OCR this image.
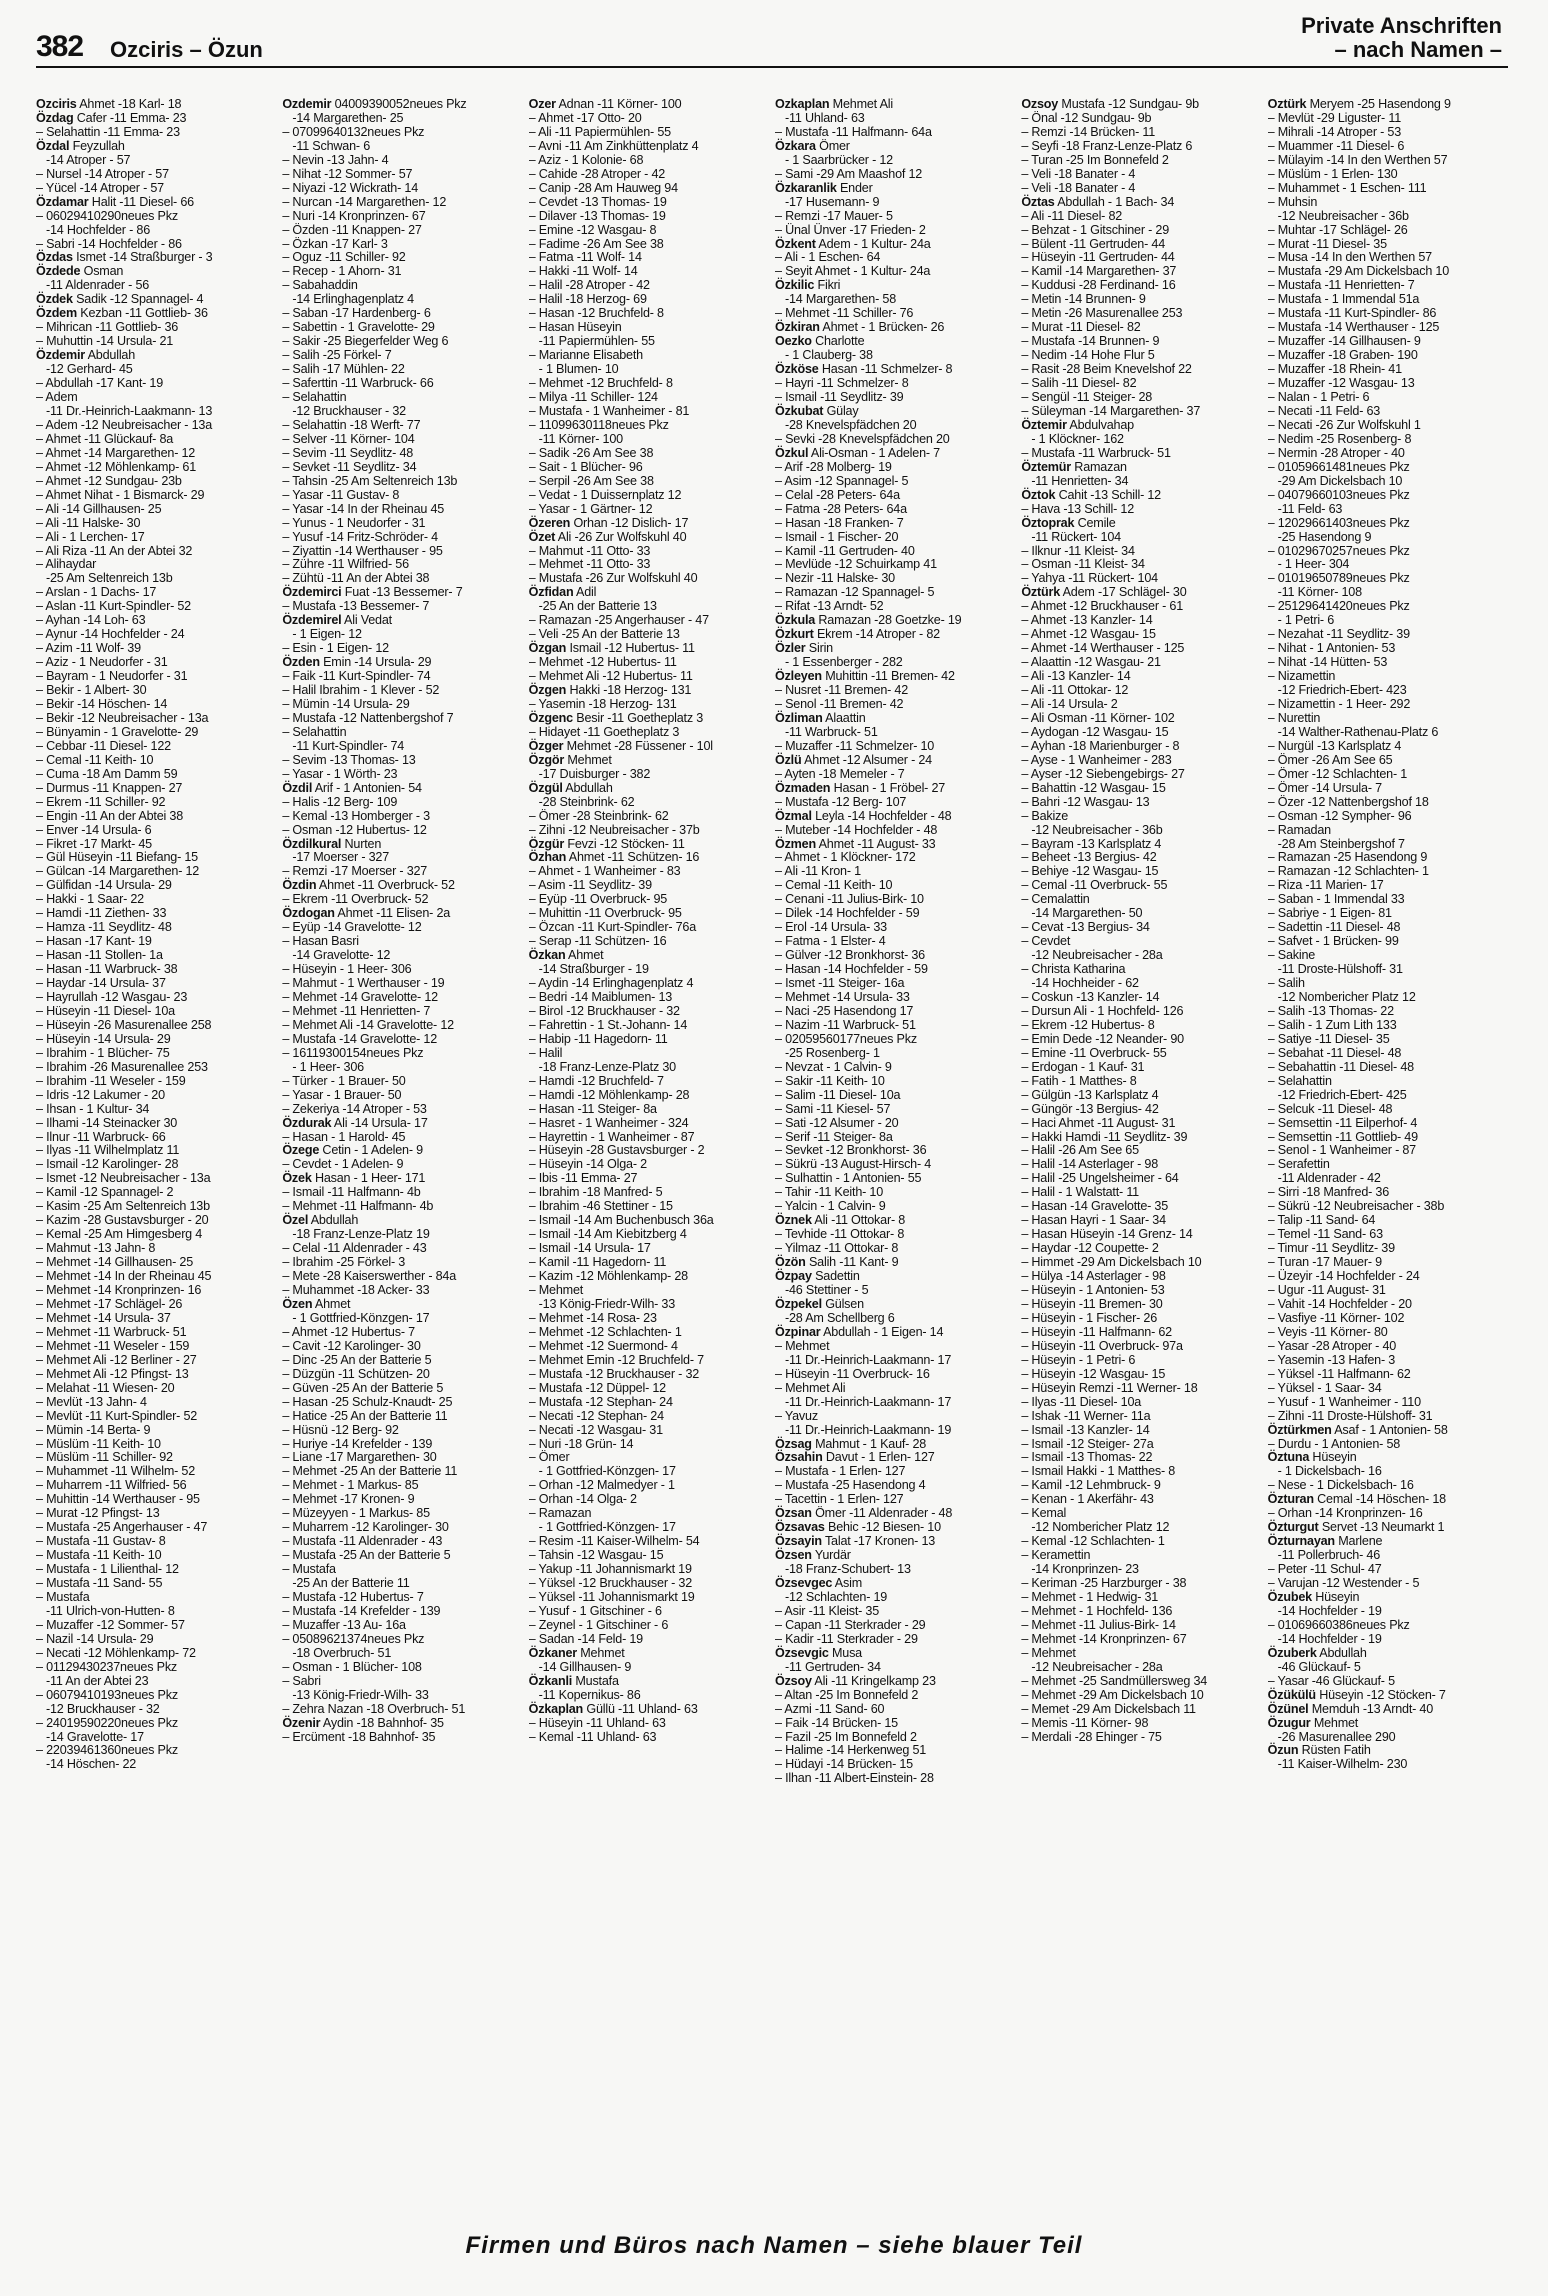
382 Ozciris – Özun
Private Anschriften
– nach Namen –
Özciris Ahmet -18 Karl- 18
Özdag Cafer -11 Emma- 23
– Selahattin -11 Emma- 23
Özdal Feyzullah
-14 Atroper - 57
– Nursel -14 Atroper - 57
– Yücel -14 Atroper - 57
Özdamar Halit -11 Diesel- 66
– 06029410290neues Pkz
-14 Hochfelder - 86
– Sabri -14 Hochfelder - 86
Özdas Ismet -14 Straßburger - 3
Özdede Osman
-11 Aldenrader - 56
Özdek Sadik -12 Spannagel- 4
Özdem Kezban -11 Gottlieb- 36
– Mihrican -11 Gottlieb- 36
– Muhuttin -14 Ursula- 21
Özdemir Abdullah
-12 Gerhard- 45
– Abdullah -17 Kant- 19
– Adem
-11 Dr.-Heinrich-Laakmann- 13
– Adem -12 Neubreisacher - 13a
– Ahmet -11 Glückauf- 8a
– Ahmet -14 Margarethen- 12
– Ahmet -12 Möhlenkamp- 61
– Ahmet -12 Sundgau- 23b
– Ahmet Nihat - 1 Bismarck- 29
– Ali -14 Gillhausen- 25
– Ali -11 Halske- 30
– Ali - 1 Lerchen- 17
– Ali Riza -11 An der Abtei 32
– Alihaydar
-25 Am Seltenreich 13b
– Arslan - 1 Dachs- 17
– Aslan -11 Kurt-Spindler- 52
– Ayhan -14 Loh- 63
– Aynur -14 Hochfelder - 24
– Azim -11 Wolf- 39
– Aziz - 1 Neudorfer - 31
– Bayram - 1 Neudorfer - 31
– Bekir - 1 Albert- 30
– Bekir -14 Höschen- 14
– Bekir -12 Neubreisacher - 13a
– Bünyamin - 1 Gravelotte- 29
– Cebbar -11 Diesel- 122
– Cemal -11 Keith- 10
– Cuma -18 Am Damm 59
– Durmus -11 Knappen- 27
– Ekrem -11 Schiller- 92
– Engin -11 An der Abtei 38
– Enver -14 Ursula- 6
– Fikret -17 Markt- 45
– Gül Hüseyin -11 Biefang- 15
– Gülcan -14 Margarethen- 12
– Gülfidan -14 Ursula- 29
– Hakki - 1 Saar- 22
– Hamdi -11 Ziethen- 33
– Hamza -11 Seydlitz- 48
– Hasan -17 Kant- 19
– Hasan -11 Stollen- 1a
– Hasan -11 Warbruck- 38
– Haydar -14 Ursula- 37
– Hayrullah -12 Wasgau- 23
– Hüseyin -11 Diesel- 10a
– Hüseyin -26 Masurenallee 258
– Hüseyin -14 Ursula- 29
– Ibrahim - 1 Blücher- 75
– Ibrahim -26 Masurenallee 253
– Ibrahim -11 Weseler - 159
– Idris -12 Lakumer - 20
– Ihsan - 1 Kultur- 34
– Ilhami -14 Steinacker 30
– Ilnur -11 Warbruck- 66
– Ilyas -11 Wilhelmplatz 11
– Ismail -12 Karolinger- 28
– Ismet -12 Neubreisacher - 13a
– Kamil -12 Spannagel- 2
– Kasim -25 Am Seltenreich 13b
– Kazim -28 Gustavsburger - 20
– Kemal -25 Am Himgesberg 4
– Mahmut -13 Jahn- 8
– Mehmet -14 Gillhausen- 25
– Mehmet -14 In der Rheinau 45
– Mehmet -14 Kronprinzen- 16
– Mehmet -17 Schlägel- 26
– Mehmet -14 Ursula- 37
– Mehmet -11 Warbruck- 51
– Mehmet -11 Weseler - 159
– Mehmet Ali -12 Berliner - 27
– Mehmet Ali -12 Pfingst- 13
– Melahat -11 Wiesen- 20
– Mevlüt -13 Jahn- 4
– Mevlüt -11 Kurt-Spindler- 52
– Mümin -14 Berta- 9
– Müslüm -11 Keith- 10
– Müslüm -11 Schiller- 92
– Muhammet -11 Wilhelm- 52
– Muharrem -11 Wilfried- 56
– Muhittin -14 Werthauser - 95
– Murat -12 Pfingst- 13
– Mustafa -25 Angerhauser - 47
– Mustafa -11 Gustav- 8
– Mustafa -11 Keith- 10
– Mustafa - 1 Lilienthal- 12
– Mustafa -11 Sand- 55
– Mustafa
-11 Ulrich-von-Hutten- 8
– Muzaffer -12 Sommer- 57
– Nazil -14 Ursula- 29
– Necati -12 Möhlenkamp- 72
– 01129430237neues Pkz
-11 An der Abtei 23
– 06079410193neues Pkz
-12 Bruckhauser - 32
– 24019590220neues Pkz
-14 Gravelotte- 17
– 22039461360neues Pkz
-14 Höschen- 22
Özdemir 04009390052neues Pkz
-14 Margarethen- 25
– 07099640132neues Pkz
-11 Schwan- 6
– Nevin -13 Jahn- 4
– Nihat -12 Sommer- 57
– Niyazi -12 Wickrath- 14
– Nurcan -14 Margarethen- 12
– Nuri -14 Kronprinzen- 67
– Özden -11 Knappen- 27
– Özkan -17 Karl- 3
– Oguz -11 Schiller- 92
– Recep - 1 Ahorn- 31
– Sabahaddin
-14 Erlinghagenplatz 4
– Saban -17 Hardenberg- 6
– Sabettin - 1 Gravelotte- 29
– Sakir -25 Biegerfelder Weg 6
– Salih -25 Förkel- 7
– Salih -17 Mühlen- 22
– Saferttin -11 Warbruck- 66
– Selahattin
-12 Bruckhauser - 32
– Selahattin -18 Werft- 77
– Selver -11 Körner- 104
– Sevim -11 Seydlitz- 48
– Sevket -11 Seydlitz- 34
– Tahsin -25 Am Seltenreich 13b
– Yasar -11 Gustav- 8
– Yasar -14 In der Rheinau 45
– Yunus - 1 Neudorfer - 31
– Yusuf -14 Fritz-Schröder- 4
– Ziyattin -14 Werthauser - 95
– Zühre -11 Wilfried- 56
– Zühtü -11 An der Abtei 38
Özdemirci Fuat -13 Bessemer- 7
– Mustafa -13 Bessemer- 7
Özdemirel Ali Vedat
- 1 Eigen- 12
– Esin - 1 Eigen- 12
Özden Emin -14 Ursula- 29
– Faik -11 Kurt-Spindler- 74
– Halil Ibrahim - 1 Klever - 52
– Mümin -14 Ursula- 29
– Mustafa -12 Nattenbergshof 7
– Selahattin
-11 Kurt-Spindler- 74
– Sevim -13 Thomas- 13
– Yasar - 1 Wörth- 23
Özdil Arif - 1 Antonien- 54
– Halis -12 Berg- 109
– Kemal -13 Homberger - 3
– Osman -12 Hubertus- 12
Özdilkural Nurten
-17 Moerser - 327
– Remzi -17 Moerser - 327
Özdin Ahmet -11 Overbruck- 52
– Ekrem -11 Overbruck- 52
Özdogan Ahmet -11 Elisen- 2a
– Eyüp -14 Gravelotte- 12
– Hasan Basri
-14 Gravelotte- 12
– Hüseyin - 1 Heer- 306
– Mahmut - 1 Werthauser - 19
– Mehmet -14 Gravelotte- 12
– Mehmet -11 Henrietten- 7
– Mehmet Ali -14 Gravelotte- 12
– Mustafa -14 Gravelotte- 12
– 16119300154neues Pkz
- 1 Heer- 306
– Türker - 1 Brauer- 50
– Yasar - 1 Brauer- 50
– Zekeriya -14 Atroper - 53
Özdurak Ali -14 Ursula- 17
– Hasan - 1 Harold- 45
Özege Cetin - 1 Adelen- 9
– Cevdet - 1 Adelen- 9
Özek Hasan - 1 Heer- 171
– Ismail -11 Halfmann- 4b
– Mehmet -11 Halfmann- 4b
Özel Abdullah
-18 Franz-Lenze-Platz 19
– Celal -11 Aldenrader - 43
– Ibrahim -25 Förkel- 3
– Mete -28 Kaiserswerther - 84a
– Muhammet -18 Acker- 33
Özen Ahmet
- 1 Gottfried-Könzgen- 17
– Ahmet -12 Hubertus- 7
– Cavit -12 Karolinger- 30
– Dinc -25 An der Batterie 5
– Düzgün -11 Schützen- 20
– Güven -25 An der Batterie 5
– Hasan -25 Schulz-Knaudt- 25
– Hatice -25 An der Batterie 11
– Hüsnü -12 Berg- 92
– Huriye -14 Krefelder - 139
– Liane -17 Margarethen- 30
– Mehmet -25 An der Batterie 11
– Mehmet - 1 Markus- 85
– Mehmet -17 Kronen- 9
– Müzeyyen - 1 Markus- 85
– Muharrem -12 Karolinger- 30
– Mustafa -11 Aldenrader - 43
– Mustafa -25 An der Batterie 5
– Mustafa
-25 An der Batterie 11
– Mustafa -12 Hubertus- 7
– Mustafa -14 Krefelder - 139
– Muzaffer -13 Au- 16a
– 05089621374neues Pkz
-18 Overbruch- 51
– Osman - 1 Blücher- 108
– Sabri
-13 König-Friedr-Wilh- 33
– Zehra Nazan -18 Overbruch- 51
Özenir Aydin -18 Bahnhof- 35
– Ercüment -18 Bahnhof- 35
Özer Adnan -11 Körner- 100
– Ahmet -17 Otto- 20
– Ali -11 Papiermühlen- 55
– Avni -11 Am Zinkhüttenplatz 4
– Aziz - 1 Kolonie- 68
– Cahide -28 Atroper - 42
– Canip -28 Am Hauweg 94
– Cevdet -13 Thomas- 19
– Dilaver -13 Thomas- 19
– Emine -12 Wasgau- 8
– Fadime -26 Am See 38
– Fatma -11 Wolf- 14
– Hakki -11 Wolf- 14
– Halil -28 Atroper - 42
– Halil -18 Herzog- 69
– Hasan -12 Bruchfeld- 8
– Hasan Hüseyin
-11 Papiermühlen- 55
– Marianne Elisabeth
- 1 Blumen- 10
– Mehmet -12 Bruchfeld- 8
– Milya -11 Schiller- 124
– Mustafa - 1 Wanheimer - 81
– 11099630118neues Pkz
-11 Körner- 100
– Sadik -26 Am See 38
– Sait - 1 Blücher- 96
– Serpil -26 Am See 38
– Vedat - 1 Duissernplatz 12
– Yasar - 1 Gärtner- 12
Özeren Orhan -12 Dislich- 17
Özet Ali -26 Zur Wolfskuhl 40
– Mahmut -11 Otto- 33
– Mehmet -11 Otto- 33
– Mustafa -26 Zur Wolfskuhl 40
Özfidan Adil
-25 An der Batterie 13
– Ramazan -25 Angerhauser - 47
– Veli -25 An der Batterie 13
Özgan Ismail -12 Hubertus- 11
– Mehmet -12 Hubertus- 11
– Mehmet Ali -12 Hubertus- 11
Özgen Hakki -18 Herzog- 131
– Yasemin -18 Herzog- 131
Özgenc Besir -11 Goetheplatz 3
– Hidayet -11 Goetheplatz 3
Özger Mehmet -28 Füssener - 10l
Özgör Mehmet
-17 Duisburger - 382
Özgül Abdullah
-28 Steinbrink- 62
– Ömer -28 Steinbrink- 62
– Zihni -12 Neubreisacher - 37b
Özgür Fevzi -12 Stöcken- 11
Özhan Ahmet -11 Schützen- 16
– Ahmet - 1 Wanheimer - 83
– Asim -11 Seydlitz- 39
– Eyüp -11 Overbruck- 95
– Muhittin -11 Overbruck- 95
– Özcan -11 Kurt-Spindler- 76a
– Serap -11 Schützen- 16
Özkan Ahmet
-14 Straßburger - 19
– Aydin -14 Erlinghagenplatz 4
– Bedri -14 Maiblumen- 13
– Birol -12 Bruckhauser - 32
– Fahrettin - 1 St.-Johann- 14
– Habip -11 Hagedorn- 11
– Halil
-18 Franz-Lenze-Platz 30
– Hamdi -12 Bruchfeld- 7
– Hamdi -12 Möhlenkamp- 28
– Hasan -11 Steiger- 8a
– Hasret - 1 Wanheimer - 324
– Hayrettin - 1 Wanheimer - 87
– Hüseyin -28 Gustavsburger - 2
– Hüseyin -14 Olga- 2
– Ibis -11 Emma- 27
– Ibrahim -18 Manfred- 5
– Ibrahim -46 Stettiner - 15
– Ismail -14 Am Buchenbusch 36a
– Ismail -14 Am Kiebitzberg 4
– Ismail -14 Ursula- 17
– Kamil -11 Hagedorn- 11
– Kazim -12 Möhlenkamp- 28
– Mehmet
-13 König-Friedr-Wilh- 33
– Mehmet -14 Rosa- 23
– Mehmet -12 Schlachten- 1
– Mehmet -12 Suermond- 4
– Mehmet Emin -12 Bruchfeld- 7
– Mustafa -12 Bruckhauser - 32
– Mustafa -12 Düppel- 12
– Mustafa -12 Stephan- 24
– Necati -12 Stephan- 24
– Necati -12 Wasgau- 31
– Nuri -18 Grün- 14
– Ömer
- 1 Gottfried-Könzgen- 17
– Orhan -12 Malmedyer - 1
– Orhan -14 Olga- 2
– Ramazan
- 1 Gottfried-Könzgen- 17
– Resim -11 Kaiser-Wilhelm- 54
– Tahsin -12 Wasgau- 15
– Yakup -11 Johannismarkt 19
– Yüksel -12 Bruckhauser - 32
– Yüksel -11 Johannismarkt 19
– Yusuf - 1 Gitschiner - 6
– Zeynel - 1 Gitschiner - 6
– Sadan -14 Feld- 19
Özkaner Mehmet
-14 Gillhausen- 9
Özkanli Mustafa
-11 Kopernikus- 86
Özkaplan Güllü -11 Uhland- 63
– Hüseyin -11 Uhland- 63
– Kemal -11 Uhland- 63
Özkaplan Mehmet Ali
-11 Uhland- 63
– Mustafa -11 Halfmann- 64a
Özkara Ömer
- 1 Saarbrücker - 12
– Sami -29 Am Maashof 12
Özkaranlik Ender
-17 Husemann- 9
– Remzi -17 Mauer- 5
– Ünal Ünver -17 Frieden- 2
Özkent Adem - 1 Kultur- 24a
– Ali - 1 Eschen- 64
– Seyit Ahmet - 1 Kultur- 24a
Özkilic Fikri
-14 Margarethen- 58
– Mehmet -11 Schiller- 76
Özkiran Ahmet - 1 Brücken- 26
Oezko Charlotte
- 1 Clauberg- 38
Özköse Hasan -11 Schmelzer- 8
– Hayri -11 Schmelzer- 8
– Ismail -11 Seydlitz- 39
Özkubat Gülay
-28 Knevelspfädchen 20
– Sevki -28 Knevelspfädchen 20
Özkul Ali-Osman - 1 Adelen- 7
– Arif -28 Molberg- 19
– Asim -12 Spannagel- 5
– Celal -28 Peters- 64a
– Fatma -28 Peters- 64a
– Hasan -18 Franken- 7
– Ismail - 1 Fischer- 20
– Kamil -11 Gertruden- 40
– Mevlüde -12 Schuirkamp 41
– Nezir -11 Halske- 30
– Ramazan -12 Spannagel- 5
– Rifat -13 Arndt- 52
Özkula Ramazan -28 Goetzke- 19
Özkurt Ekrem -14 Atroper - 82
Özler Sirin
- 1 Essenberger - 282
Özleyen Muhittin -11 Bremen- 42
– Nusret -11 Bremen- 42
– Senol -11 Bremen- 42
Özliman Alaattin
-11 Warbruck- 51
– Muzaffer -11 Schmelzer- 10
Özlü Ahmet -12 Alsumer - 24
– Ayten -18 Memeler - 7
Özmaden Hasan - 1 Fröbel- 27
– Mustafa -12 Berg- 107
Özmal Leyla -14 Hochfelder - 48
– Muteber -14 Hochfelder - 48
Özmen Ahmet -11 August- 33
– Ahmet - 1 Klöckner- 172
– Ali -11 Kron- 1
– Cemal -11 Keith- 10
– Cenani -11 Julius-Birk- 10
– Dilek -14 Hochfelder - 59
– Erol -14 Ursula- 33
– Fatma - 1 Elster- 4
– Gülver -12 Bronkhorst- 36
– Hasan -14 Hochfelder - 59
– Ismet -11 Steiger- 16a
– Mehmet -14 Ursula- 33
– Naci -25 Hasendong 17
– Nazim -11 Warbruck- 51
– 02059560177neues Pkz
-25 Rosenberg- 1
– Nevzat - 1 Calvin- 9
– Sakir -11 Keith- 10
– Salim -11 Diesel- 10a
– Sami -11 Kiesel- 57
– Sati -12 Alsumer - 20
– Serif -11 Steiger- 8a
– Sevket -12 Bronkhorst- 36
– Sükrü -13 August-Hirsch- 4
– Sulhattin - 1 Antonien- 55
– Tahir -11 Keith- 10
– Yalcin - 1 Calvin- 9
Öznek Ali -11 Ottokar- 8
– Tevhide -11 Ottokar- 8
– Yilmaz -11 Ottokar- 8
Özön Salih -11 Kant- 9
Özpay Sadettin
-46 Stettiner - 5
Özpekel Gülsen
-28 Am Schellberg 6
Özpinar Abdullah - 1 Eigen- 14
– Mehmet
-11 Dr.-Heinrich-Laakmann- 17
– Hüseyin -11 Overbruck- 16
– Mehmet Ali
-11 Dr.-Heinrich-Laakmann- 17
– Yavuz
-11 Dr.-Heinrich-Laakmann- 19
Özsag Mahmut - 1 Kauf- 28
Özsahin Davut - 1 Erlen- 127
– Mustafa - 1 Erlen- 127
– Mustafa -25 Hasendong 4
– Tacettin - 1 Erlen- 127
Özsan Ömer -11 Aldenrader - 48
Özsavas Behic -12 Biesen- 10
Özsayin Talat -17 Kronen- 13
Özsen Yurdär
-18 Franz-Schubert- 13
Özsevgec Asim
-12 Schlachten- 19
– Asir -11 Kleist- 35
– Capan -11 Sterkrader - 29
– Kadir -11 Sterkrader - 29
Özsevgic Musa
-11 Gertruden- 34
Özsoy Ali -11 Kringelkamp 23
– Altan -25 Im Bonnefeld 2
– Azmi -11 Sand- 60
– Faik -14 Brücken- 15
– Fazil -25 Im Bonnefeld 2
– Halime -14 Herkenweg 51
– Hüdayi -14 Brücken- 15
– Ilhan -11 Albert-Einstein- 28
Özsoy Mustafa -12 Sundgau- 9b
– Önal -12 Sundgau- 9b
– Remzi -14 Brücken- 11
– Seyfi -18 Franz-Lenze-Platz 6
– Turan -25 Im Bonnefeld 2
– Veli -18 Banater - 4
– Veli -18 Banater - 4
Öztas Abdullah - 1 Bach- 34
– Ali -11 Diesel- 82
– Behzat - 1 Gitschiner - 29
– Bülent -11 Gertruden- 44
– Hüseyin -11 Gertruden- 44
– Kamil -14 Margarethen- 37
– Kuddusi -28 Ferdinand- 16
– Metin -14 Brunnen- 9
– Metin -26 Masurenallee 253
– Murat -11 Diesel- 82
– Mustafa -14 Brunnen- 9
– Nedim -14 Hohe Flur 5
– Rasit -28 Beim Knevelshof 22
– Salih -11 Diesel- 82
– Sengül -11 Steiger- 28
– Süleyman -14 Margarethen- 37
Öztemir Abdulvahap
- 1 Klöckner- 162
– Mustafa -11 Warbruck- 51
Öztemür Ramazan
-11 Henrietten- 34
Öztok Cahit -13 Schill- 12
– Hava -13 Schill- 12
Öztoprak Cemile
-11 Rückert- 104
– Ilknur -11 Kleist- 34
– Osman -11 Kleist- 34
– Yahya -11 Rückert- 104
Öztürk Adem -17 Schlägel- 30
– Ahmet -12 Bruckhauser - 61
– Ahmet -13 Kanzler- 14
– Ahmet -12 Wasgau- 15
– Ahmet -14 Werthauser - 125
– Alaattin -12 Wasgau- 21
– Ali -13 Kanzler- 14
– Ali -11 Ottokar- 12
– Ali -14 Ursula- 2
– Ali Osman -11 Körner- 102
– Aydogan -12 Wasgau- 15
– Ayhan -18 Marienburger - 8
– Ayse - 1 Wanheimer - 283
– Ayser -12 Siebengebirgs- 27
– Bahattin -12 Wasgau- 15
– Bahri -12 Wasgau- 13
– Bakize
-12 Neubreisacher - 36b
– Bayram -13 Karlsplatz 4
– Beheet -13 Bergius- 42
– Behiye -12 Wasgau- 15
– Cemal -11 Overbruck- 55
– Cemalattin
-14 Margarethen- 50
– Cevat -13 Bergius- 34
– Cevdet
-12 Neubreisacher - 28a
– Christa Katharina
-14 Hochheider - 62
– Coskun -13 Kanzler- 14
– Dursun Ali - 1 Hochfeld- 126
– Ekrem -12 Hubertus- 8
– Emin Dede -12 Neander- 90
– Emine -11 Overbruck- 55
– Erdogan - 1 Kauf- 31
– Fatih - 1 Matthes- 8
– Gülgün -13 Karlsplatz 4
– Güngör -13 Bergius- 42
– Haci Ahmet -11 August- 31
– Hakki Hamdi -11 Seydlitz- 39
– Halil -26 Am See 65
– Halil -14 Asterlager - 98
– Halil -25 Ungelsheimer - 64
– Halil - 1 Walstatt- 11
– Hasan -14 Gravelotte- 35
– Hasan Hayri - 1 Saar- 34
– Hasan Hüseyin -14 Grenz- 14
– Haydar -12 Coupette- 2
– Himmet -29 Am Dickelsbach 10
– Hülya -14 Asterlager - 98
– Hüseyin - 1 Antonien- 53
– Hüseyin -11 Bremen- 30
– Hüseyin - 1 Fischer- 26
– Hüseyin -11 Halfmann- 62
– Hüseyin -11 Overbruck- 97a
– Hüseyin - 1 Petri- 6
– Hüseyin -12 Wasgau- 15
– Hüseyin Remzi -11 Werner- 18
– Ilyas -11 Diesel- 10a
– Ishak -11 Werner- 11a
– Ismail -13 Kanzler- 14
– Ismail -12 Steiger- 27a
– Ismail -13 Thomas- 22
– Ismail Hakki - 1 Matthes- 8
– Kamil -12 Lehmbruck- 9
– Kenan - 1 Akerfähr- 43
– Kemal
-12 Nombericher Platz 12
– Kemal -12 Schlachten- 1
– Keramettin
-14 Kronprinzen- 23
– Keriman -25 Harzburger - 38
– Mehmet - 1 Hedwig- 31
– Mehmet - 1 Hochfeld- 136
– Mehmet -11 Julius-Birk- 14
– Mehmet -14 Kronprinzen- 67
– Mehmet
-12 Neubreisacher - 28a
– Mehmet -25 Sandmüllersweg 34
– Mehmet -29 Am Dickelsbach 10
– Memet -29 Am Dickelsbach 11
– Memis -11 Körner- 98
– Merdali -28 Ehinger - 75
Öztürk Meryem -25 Hasendong 9
– Mevlüt -29 Liguster- 11
– Mihrali -14 Atroper - 53
– Muammer -11 Diesel- 6
– Mülayim -14 In den Werthen 57
– Müslüm - 1 Erlen- 130
– Muhammet - 1 Eschen- 111
– Muhsin
-12 Neubreisacher - 36b
– Muhtar -17 Schlägel- 26
– Murat -11 Diesel- 35
– Musa -14 In den Werthen 57
– Mustafa -29 Am Dickelsbach 10
– Mustafa -11 Henrietten- 7
– Mustafa - 1 Immendal 51a
– Mustafa -11 Kurt-Spindler- 86
– Mustafa -14 Werthauser - 125
– Muzaffer -14 Gillhausen- 9
– Muzaffer -18 Graben- 190
– Muzaffer -18 Rhein- 41
– Muzaffer -12 Wasgau- 13
– Nalan - 1 Petri- 6
– Necati -11 Feld- 63
– Necati -26 Zur Wolfskuhl 1
– Nedim -25 Rosenberg- 8
– Nermin -28 Atroper - 40
– 01059661481neues Pkz
-29 Am Dickelsbach 10
– 04079660103neues Pkz
-11 Feld- 63
– 12029661403neues Pkz
-25 Hasendong 9
– 01029670257neues Pkz
- 1 Heer- 304
– 01019650789neues Pkz
-11 Körner- 108
– 25129641420neues Pkz
- 1 Petri- 6
– Nezahat -11 Seydlitz- 39
– Nihat - 1 Antonien- 53
– Nihat -14 Hütten- 53
– Nizamettin
-12 Friedrich-Ebert- 423
– Nizamettin - 1 Heer- 292
– Nurettin
-14 Walther-Rathenau-Platz 6
– Nurgül -13 Karlsplatz 4
– Ömer -26 Am See 65
– Ömer -12 Schlachten- 1
– Ömer -14 Ursula- 7
– Özer -12 Nattenbergshof 18
– Osman -12 Sympher- 96
– Ramadan
-28 Am Steinbergshof 7
– Ramazan -25 Hasendong 9
– Ramazan -12 Schlachten- 1
– Riza -11 Marien- 17
– Saban - 1 Immendal 33
– Sabriye - 1 Eigen- 81
– Sadettin -11 Diesel- 48
– Safvet - 1 Brücken- 99
– Sakine
-11 Droste-Hülshoff- 31
– Salih
-12 Nombericher Platz 12
– Salih -13 Thomas- 22
– Salih - 1 Zum Lith 133
– Satiye -11 Diesel- 35
– Sebahat -11 Diesel- 48
– Sebahattin -11 Diesel- 48
– Selahattin
-12 Friedrich-Ebert- 425
– Selcuk -11 Diesel- 48
– Semsettin -11 Eilperhof- 4
– Semsettin -11 Gottlieb- 49
– Senol - 1 Wanheimer - 87
– Serafettin
-11 Aldenrader - 42
– Sirri -18 Manfred- 36
– Sükrü -12 Neubreisacher - 38b
– Talip -11 Sand- 64
– Temel -11 Sand- 63
– Timur -11 Seydlitz- 39
– Turan -17 Mauer- 9
– Üzeyir -14 Hochfelder - 24
– Ugur -11 August- 31
– Vahit -14 Hochfelder - 20
– Vasfiye -11 Körner- 102
– Veyis -11 Körner- 80
– Yasar -28 Atroper - 40
– Yasemin -13 Hafen- 3
– Yüksel -11 Halfmann- 62
– Yüksel - 1 Saar- 34
– Yusuf - 1 Wanheimer - 110
– Zihni -11 Droste-Hülshoff- 31
Öztürkmen Asaf - 1 Antonien- 58
– Durdu - 1 Antonien- 58
Öztuna Hüseyin
- 1 Dickelsbach- 16
– Nese - 1 Dickelsbach- 16
Özturan Cemal -14 Höschen- 18
– Orhan -14 Kronprinzen- 16
Özturgut Servet -13 Neumarkt 1
Özturnayan Marlene
-11 Pollerbruch- 46
– Peter -11 Schul- 47
– Varujan -12 Westender - 5
Özubek Hüseyin
-14 Hochfelder - 19
– 01069660386neues Pkz
-14 Hochfelder - 19
Özuberk Abdullah
-46 Glückauf- 5
– Yasar -46 Glückauf- 5
Özükülü Hüseyin -12 Stöcken- 7
Özünel Memduh -13 Arndt- 40
Özugur Mehmet
-26 Masurenallee 290
Özun Rüsten Fatih
-11 Kaiser-Wilhelm- 230
Firmen und Büros nach Namen – siehe blauer Teil
